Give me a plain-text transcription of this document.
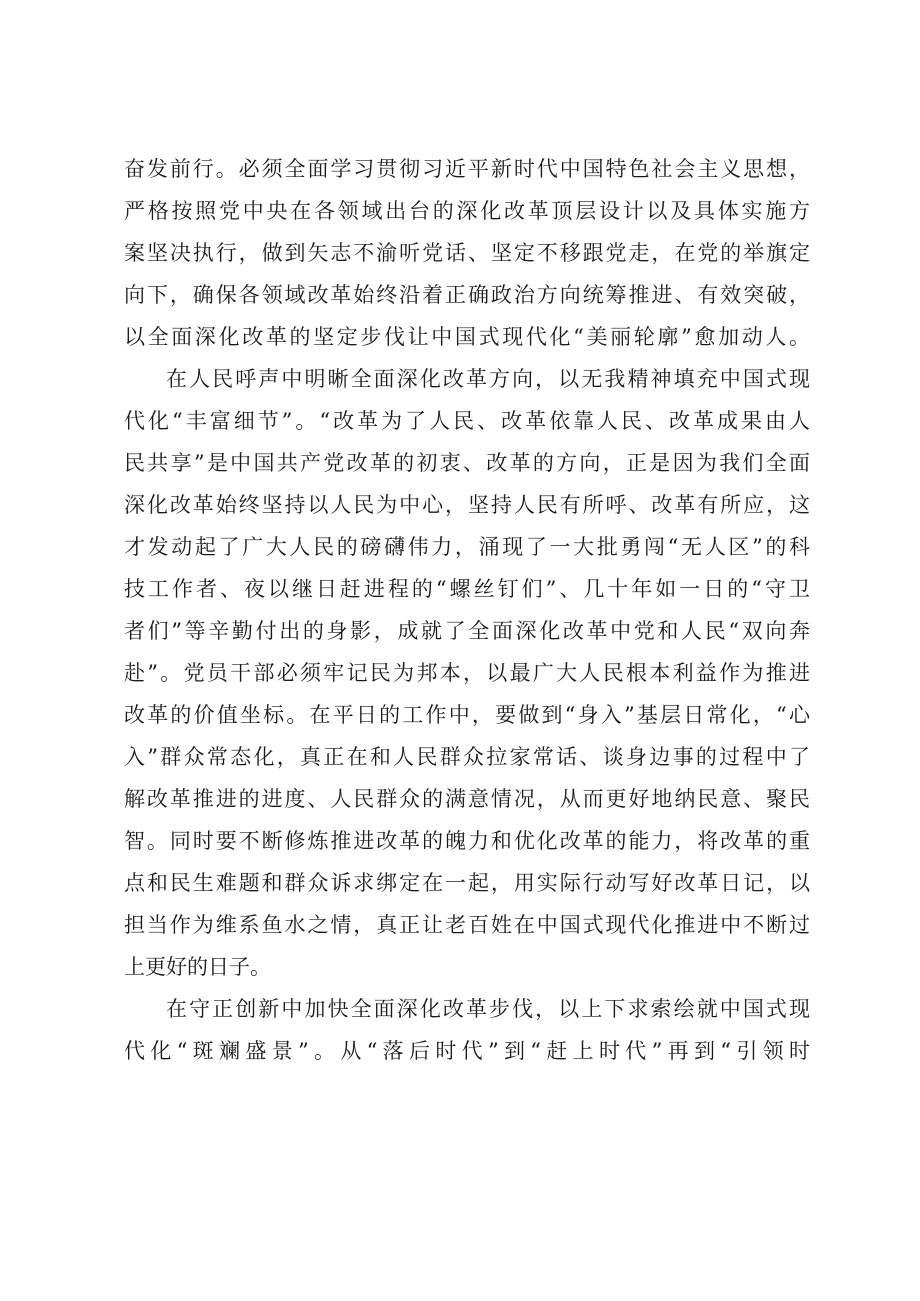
奋发前行。必须全面学习贯彻习近平新时代中国特色社会主义思想，
严格按照党中央在各领域出台的深化改革顶层设计以及具体实施方
案坚决执行，做到矢志不渝听党话、坚定不移跟党走，在党的举旗定
向下，确保各领域改革始终沿着正确政治方向统筹推进、有效突破，
以全面深化改革的坚定步伐让中国式现代化“美丽轮廓”愈加动人。
在人民呼声中明晰全面深化改革方向，以无我精神填充中国式现
代化“丰富细节”。“改革为了人民、改革依靠人民、改革成果由人
民共享”是中国共产党改革的初衷、改革的方向，正是因为我们全面
深化改革始终坚持以人民为中心，坚持人民有所呼、改革有所应，这
才发动起了广大人民的磅礴伟力，涌现了一大批勇闯“无人区”的科
技工作者、夜以继日赶进程的“螺丝钉们”、几十年如一日的“守卫
者们”等辛勤付出的身影，成就了全面深化改革中党和人民“双向奔
赴”。党员干部必须牢记民为邦本，以最广大人民根本利益作为推进
改革的价值坐标。在平日的工作中，要做到“身入”基层日常化，“心
入”群众常态化，真正在和人民群众拉家常话、谈身边事的过程中了
解改革推进的进度、人民群众的满意情况，从而更好地纳民意、聚民
智。同时要不断修炼推进改革的魄力和优化改革的能力，将改革的重
点和民生难题和群众诉求绑定在一起，用实际行动写好改革日记，以
担当作为维系鱼水之情，真正让老百姓在中国式现代化推进中不断过
上更好的日子。
在守正创新中加快全面深化改革步伐，以上下求索绘就中国式现
代化“斑斓盛景”。从“落后时代”到“赶上时代”再到“引领时
